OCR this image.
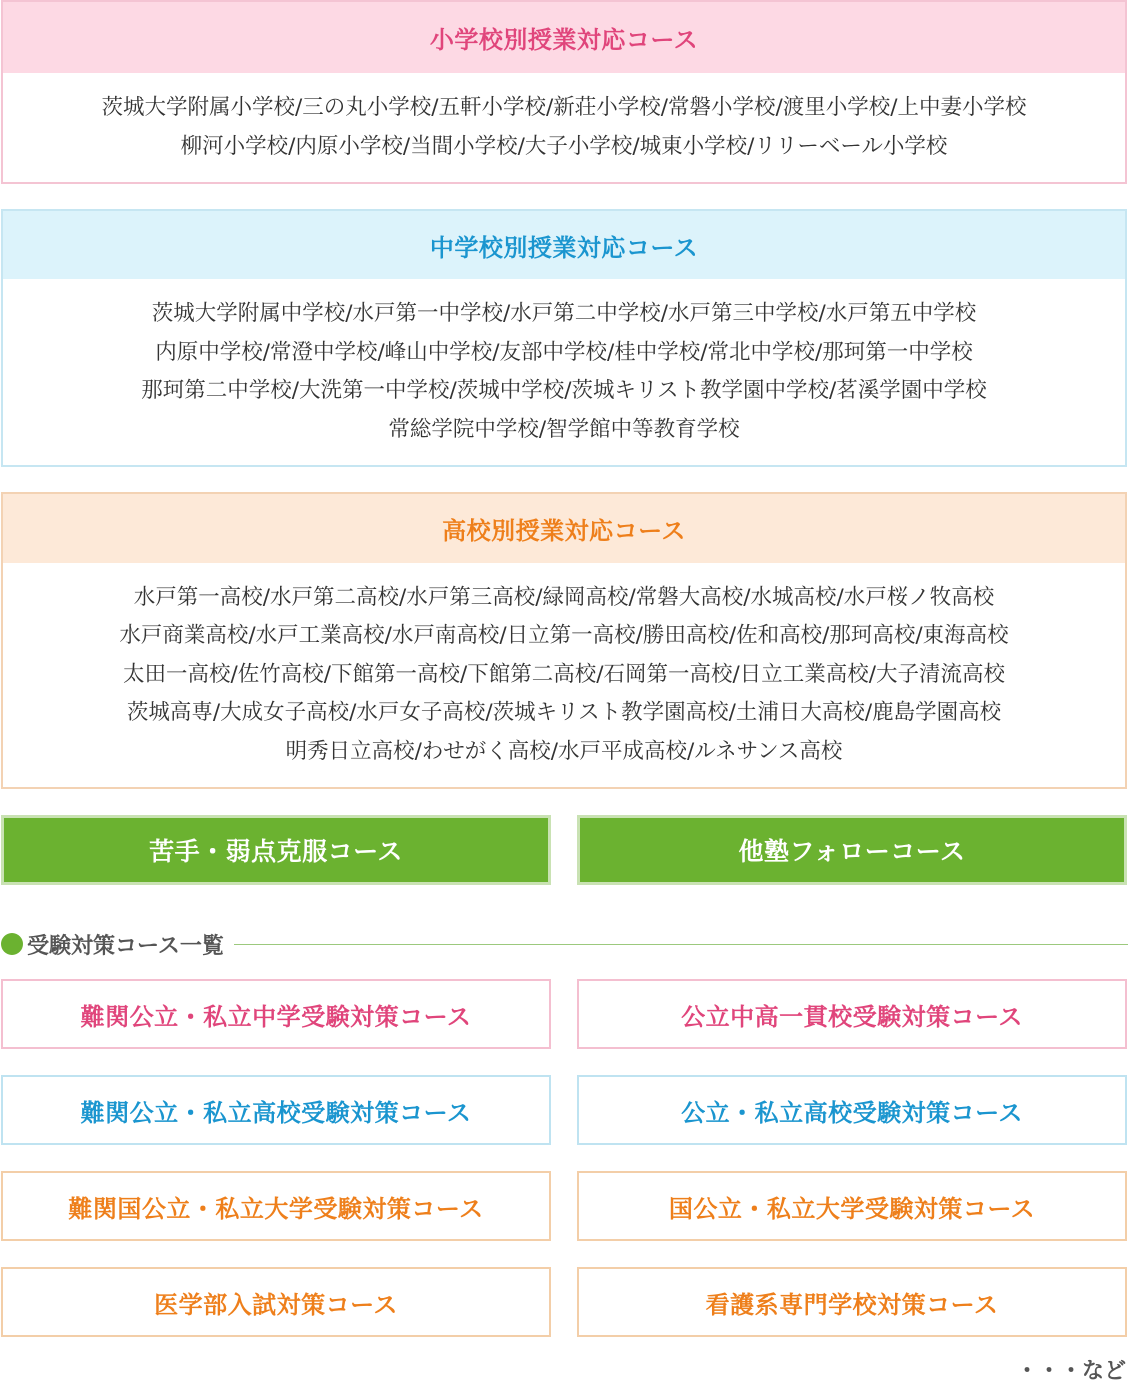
小学校別授業対応コース
茨城大学附属小学校/三の丸小学校/五軒小学校/新荘小学校/常磐小学校/渡里小学校/上中妻小学校
柳河小学校/内原小学校/当間小学校/大子小学校/城東小学校/リリーベール小学校
中学校別授業対応コース
茨城大学附属中学校/水戸第一中学校/水戸第二中学校/水戸第三中学校/水戸第五中学校
内原中学校/常澄中学校/峰山中学校/友部中学校/桂中学校/常北中学校/那珂第一中学校
那珂第二中学校/大洗第一中学校/茨城中学校/茨城キリスト教学園中学校/茗溪学園中学校
常総学院中学校/智学館中等教育学校
高校別授業対応コース
水戸第一高校/水戸第二高校/水戸第三高校/緑岡高校/常磐大高校/水城高校/水戸桜ノ牧高校
水戸商業高校/水戸工業高校/水戸南高校/日立第一高校/勝田高校/佐和高校/那珂高校/東海高校
太田一高校/佐竹高校/下館第一高校/下館第二高校/石岡第一高校/日立工業高校/大子清流高校
茨城高専/大成女子高校/水戸女子高校/茨城キリスト教学園高校/土浦日大高校/鹿島学園高校
明秀日立高校/わせがく高校/水戸平成高校/ルネサンス高校
苦手・弱点克服コース	他塾フォローコース
受験対策コース一覧
難関公立・私立中学受験対策コース	公立中高一貫校受験対策コース
難関公立・私立高校受験対策コース	公立・私立高校受験対策コース
難関国公立・私立大学受験対策コース	国公立・私立大学受験対策コース
医学部入試対策コース	看護系専門学校対策コース
・・・など
